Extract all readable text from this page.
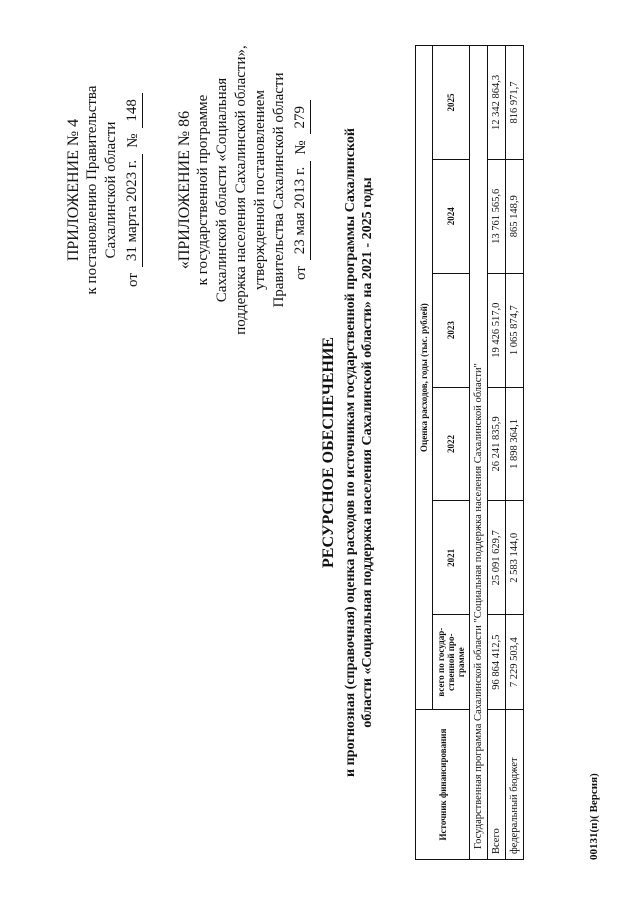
ПРИЛОЖЕНИЕ № 4 к постановлению Правительства Сахалинской области
от
31 марта 2023 г.
№
148
«ПРИЛОЖЕНИЕ № 86 к государственной программе Сахалинской области «Социальная поддержка населения Сахалинской области», утвержденной постановлением Правительства Сахалинской области от
23 мая 2013 г.
№
279

РЕСУРСНОЕ ОБЕСПЕЧЕНИЕ и прогнозная (справочная) оценка расходов по источникам государственной программы Сахалинской области «Социальная поддержка населения Сахалинской области» на 2021 - 2025 годы

Источник финансирования	Оценка расходов, годы (тыс. рублей)					
	всего по государ-ственной про-грамме	2021	2022	2023	2024	2025
Государственная программа Сахалинской области "Социальная поддержка населения Сахалинской области"						
Всего	96 864 412,5	25 091 629,7	26 241 835,9	19 426 517,0	13 761 565,6	12 342 864,3
федеральный бюджет	7 229 503,4	2 583 144,0	1 898 364,1	1 065 874,7	865 148,9	816 971,7
00131(п)( Версия)
